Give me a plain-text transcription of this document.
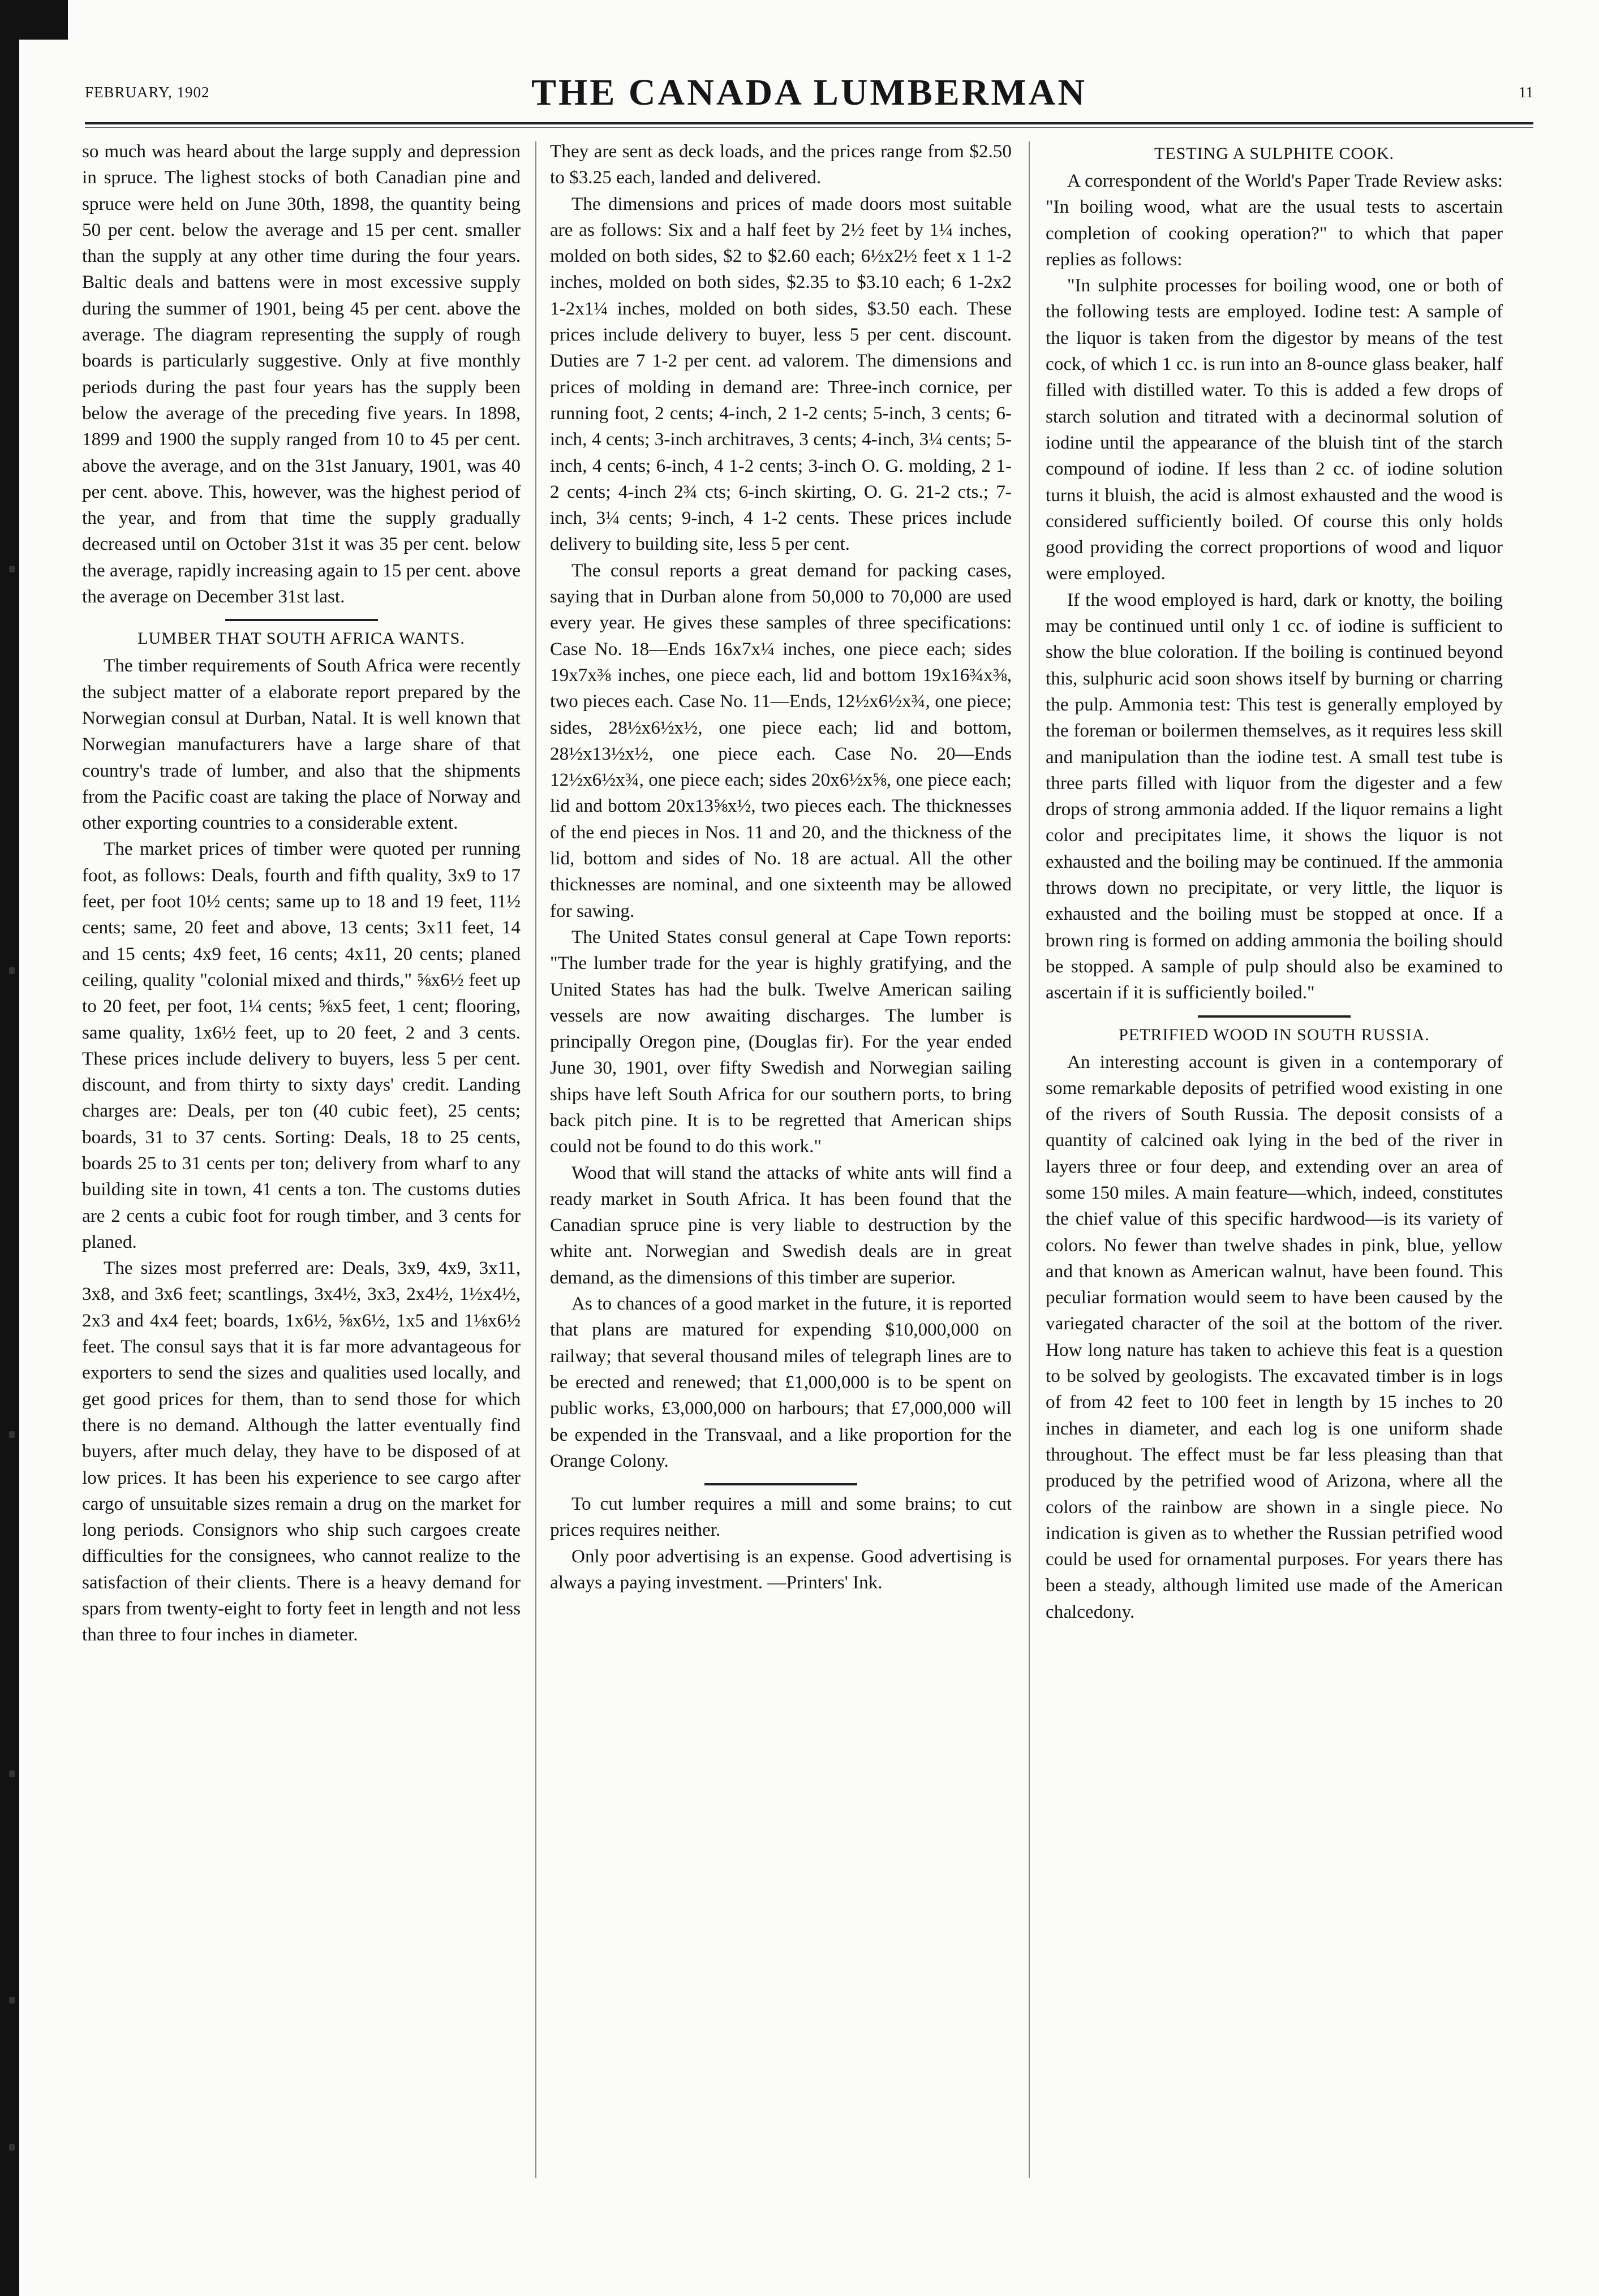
FEBRUARY, 1902	THE CANADA LUMBERMAN	11

so much was heard about the large supply and depression in spruce. The lighest stocks of both Canadian pine and spruce were held on June 30th, 1898, the quantity being 50 per cent. below the average and 15 per cent. smaller than the supply at any other time during the four years. Baltic deals and battens were in most excessive supply during the summer of 1901, being 45 per cent. above the average. The diagram representing the supply of rough boards is particularly suggestive. Only at five monthly periods during the past four years has the supply been below the average of the preceding five years. In 1898, 1899 and 1900 the supply ranged from 10 to 45 per cent. above the average, and on the 31st January, 1901, was 40 per cent. above. This, however, was the highest period of the year, and from that time the supply gradually decreased until on October 31st it was 35 per cent. below the average, rapidly increasing again to 15 per cent. above the average on December 31st last.

LUMBER THAT SOUTH AFRICA WANTS.

The timber requirements of South Africa were recently the subject matter of a elaborate report prepared by the Norwegian consul at Durban, Natal. It is well known that Norwegian manufacturers have a large share of that country's trade of lumber, and also that the shipments from the Pacific coast are taking the place of Norway and other exporting countries to a considerable extent.

The market prices of timber were quoted per running foot, as follows: Deals, fourth and fifth quality, 3x9 to 17 feet, per foot 10½ cents; same up to 18 and 19 feet, 11½ cents; same, 20 feet and above, 13 cents; 3x11 feet, 14 and 15 cents; 4x9 feet, 16 cents; 4x11, 20 cents; planed ceiling, quality "colonial mixed and thirds," ⅝x6½ feet up to 20 feet, per foot, 1¼ cents; ⅝x5 feet, 1 cent; flooring, same quality, 1x6½ feet, up to 20 feet, 2 and 3 cents. These prices include delivery to buyers, less 5 per cent. discount, and from thirty to sixty days' credit. Landing charges are: Deals, per ton (40 cubic feet), 25 cents; boards, 31 to 37 cents. Sorting: Deals, 18 to 25 cents, boards 25 to 31 cents per ton; delivery from wharf to any building site in town, 41 cents a ton. The customs duties are 2 cents a cubic foot for rough timber, and 3 cents for planed.

The sizes most preferred are: Deals, 3x9, 4x9, 3x11, 3x8, and 3x6 feet; scantlings, 3x4½, 3x3, 2x4½, 1½x4½, 2x3 and 4x4 feet; boards, 1x6½, ⅝x6½, 1x5 and 1⅛x6½ feet. The consul says that it is far more advantageous for exporters to send the sizes and qualities used locally, and get good prices for them, than to send those for which there is no demand. Although the latter eventually find buyers, after much delay, they have to be disposed of at low prices. It has been his experience to see cargo after cargo of unsuitable sizes remain a drug on the market for long periods. Consignors who ship such cargoes create difficulties for the consignees, who cannot realize to the satisfaction of their clients. There is a heavy demand for spars from twenty-eight to forty feet in length and not less than three to four inches in diameter.

They are sent as deck loads, and the prices range from $2.50 to $3.25 each, landed and delivered.

The dimensions and prices of made doors most suitable are as follows: Six and a half feet by 2½ feet by 1¼ inches, molded on both sides, $2 to $2.60 each; 6½x2½ feet x 1 1-2 inches, molded on both sides, $2.35 to $3.10 each; 6 1-2x2 1-2x1¼ inches, molded on both sides, $3.50 each. These prices include delivery to buyer, less 5 per cent. discount. Duties are 7 1-2 per cent. ad valorem. The dimensions and prices of molding in demand are: Three-inch cornice, per running foot, 2 cents; 4-inch, 2 1-2 cents; 5-inch, 3 cents; 6-inch, 4 cents; 3-inch architraves, 3 cents; 4-inch, 3¼ cents; 5-inch, 4 cents; 6-inch, 4 1-2 cents; 3-inch O. G. molding, 2 1-2 cents; 4-inch 2¾ cts; 6-inch skirting, O. G. 21-2 cts.; 7-inch, 3¼ cents; 9-inch, 4 1-2 cents. These prices include delivery to building site, less 5 per cent.

The consul reports a great demand for packing cases, saying that in Durban alone from 50,000 to 70,000 are used every year. He gives these samples of three specifications: Case No. 18—Ends 16x7x¼ inches, one piece each; sides 19x7x⅜ inches, one piece each, lid and bottom 19x16¾x⅜, two pieces each. Case No. 11—Ends, 12½x6½x¾, one piece; sides, 28½x6½x½, one piece each; lid and bottom, 28½x13½x½, one piece each. Case No. 20—Ends 12½x6½x¾, one piece each; sides 20x6½x⅝, one piece each; lid and bottom 20x13⅝x½, two pieces each. The thicknesses of the end pieces in Nos. 11 and 20, and the thickness of the lid, bottom and sides of No. 18 are actual. All the other thicknesses are nominal, and one sixteenth may be allowed for sawing.

The United States consul general at Cape Town reports: "The lumber trade for the year is highly gratifying, and the United States has had the bulk. Twelve American sailing vessels are now awaiting discharges. The lumber is principally Oregon pine, (Douglas fir). For the year ended June 30, 1901, over fifty Swedish and Norwegian sailing ships have left South Africa for our southern ports, to bring back pitch pine. It is to be regretted that American ships could not be found to do this work."

Wood that will stand the attacks of white ants will find a ready market in South Africa. It has been found that the Canadian spruce pine is very liable to destruction by the white ant. Norwegian and Swedish deals are in great demand, as the dimensions of this timber are superior.

As to chances of a good market in the future, it is reported that plans are matured for expending $10,000,000 on railway; that several thousand miles of telegraph lines are to be erected and renewed; that £1,000,000 is to be spent on public works, £3,000,000 on harbours; that £7,000,000 will be expended in the Transvaal, and a like proportion for the Orange Colony.

To cut lumber requires a mill and some brains; to cut prices requires neither.

Only poor advertising is an expense. Good advertising is always a paying investment. —Printers' Ink.

TESTING A SULPHITE COOK.

A correspondent of the World's Paper Trade Review asks: "In boiling wood, what are the usual tests to ascertain completion of cooking operation?" to which that paper replies as follows:

"In sulphite processes for boiling wood, one or both of the following tests are employed. Iodine test: A sample of the liquor is taken from the digestor by means of the test cock, of which 1 cc. is run into an 8-ounce glass beaker, half filled with distilled water. To this is added a few drops of starch solution and titrated with a decinormal solution of iodine until the appearance of the bluish tint of the starch compound of iodine. If less than 2 cc. of iodine solution turns it bluish, the acid is almost exhausted and the wood is considered sufficiently boiled. Of course this only holds good providing the correct proportions of wood and liquor were employed.

If the wood employed is hard, dark or knotty, the boiling may be continued until only 1 cc. of iodine is sufficient to show the blue coloration. If the boiling is continued beyond this, sulphuric acid soon shows itself by burning or charring the pulp. Ammonia test: This test is generally employed by the foreman or boilermen themselves, as it requires less skill and manipulation than the iodine test. A small test tube is three parts filled with liquor from the digester and a few drops of strong ammonia added. If the liquor remains a light color and precipitates lime, it shows the liquor is not exhausted and the boiling may be continued. If the ammonia throws down no precipitate, or very little, the liquor is exhausted and the boiling must be stopped at once. If a brown ring is formed on adding ammonia the boiling should be stopped. A sample of pulp should also be examined to ascertain if it is sufficiently boiled."

PETRIFIED WOOD IN SOUTH RUSSIA.

An interesting account is given in a contemporary of some remarkable deposits of petrified wood existing in one of the rivers of South Russia. The deposit consists of a quantity of calcined oak lying in the bed of the river in layers three or four deep, and extending over an area of some 150 miles. A main feature—which, indeed, constitutes the chief value of this specific hardwood—is its variety of colors. No fewer than twelve shades in pink, blue, yellow and that known as American walnut, have been found. This peculiar formation would seem to have been caused by the variegated character of the soil at the bottom of the river. How long nature has taken to achieve this feat is a question to be solved by geologists. The excavated timber is in logs of from 42 feet to 100 feet in length by 15 inches to 20 inches in diameter, and each log is one uniform shade throughout. The effect must be far less pleasing than that produced by the petrified wood of Arizona, where all the colors of the rainbow are shown in a single piece. No indication is given as to whether the Russian petrified wood could be used for ornamental purposes. For years there has been a steady, although limited use made of the American chalcedony.
